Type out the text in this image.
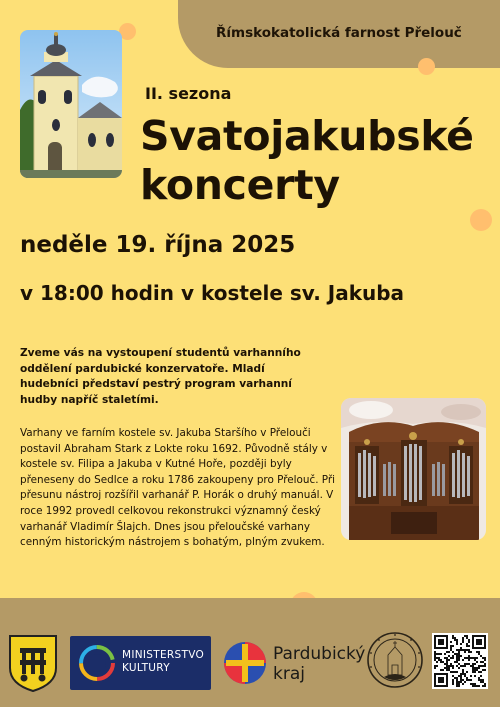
Římskokatolická farnost Přelouč
II. sezona
Svatojakubské
koncerty
neděle 19. října 2025
v 18:00 hodin v kostele sv. Jakuba
Zveme vás na vystoupení studentů varhanního oddělení pardubické konzervatoře. Mladí hudebníci představí pestrý program varhanní hudby napříč staletími.
Varhany ve farním kostele sv. Jakuba Staršího v Přelouči postavil Abraham Stark z Lokte roku 1692. Původně stály v kostele sv. Filipa a Jakuba v Kutné Hoře, později byly přeneseny do Sedlce a roku 1786 zakoupeny pro Přelouč. Při přesunu nástroj rozšířil varhanář P. Horák o druhý manuál. V roce 1992 provedl celkovou rekonstrukci významný český varhanář Vladimír Šlajch. Dnes jsou přeloučské varhany cenným historickým nástrojem s bohatým, plným zvukem.
MINISTERSTVO KULTURY
Pardubický
kraj
